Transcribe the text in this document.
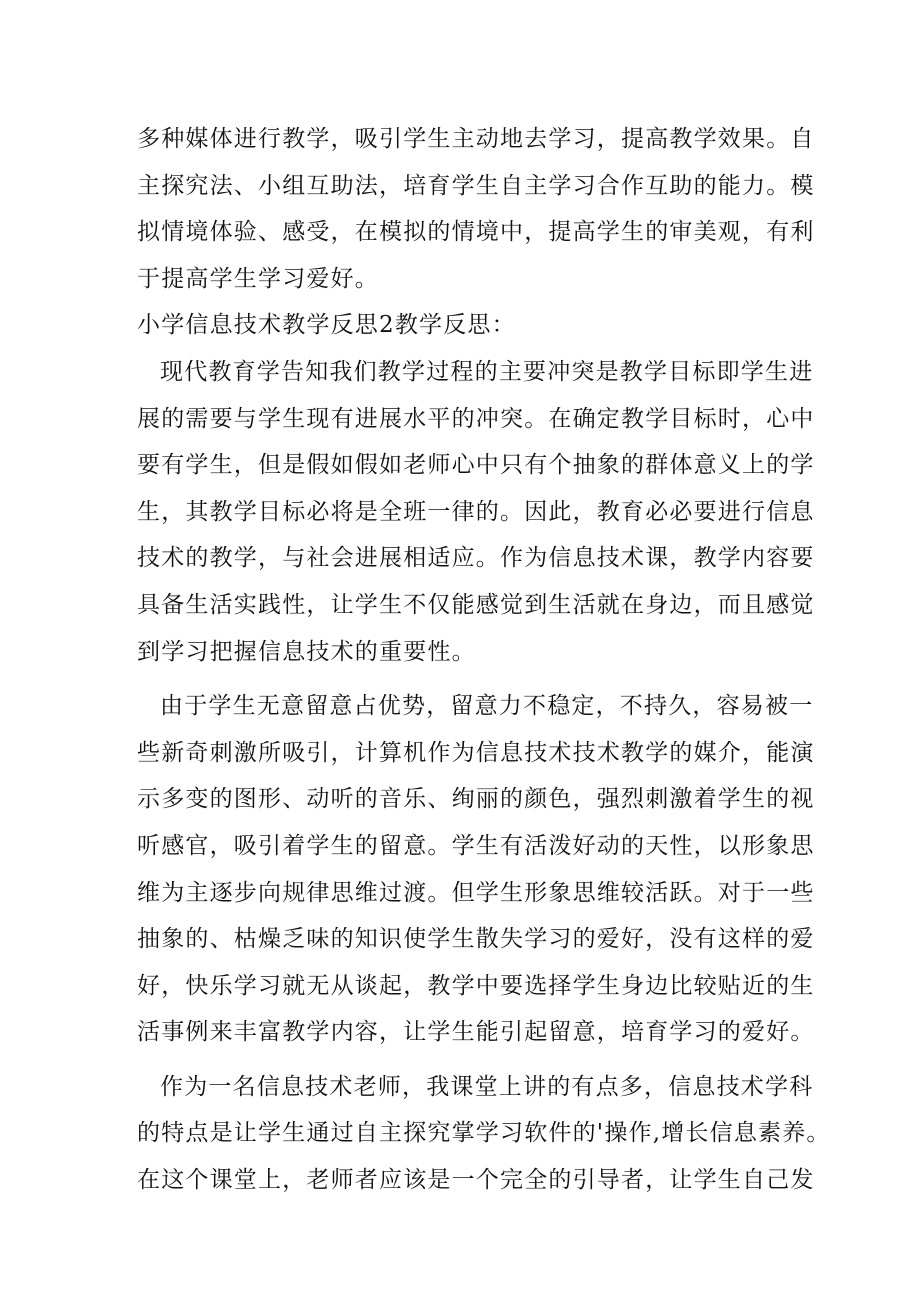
多种媒体进行教学，吸引学生主动地去学习，提高教学效果。自
主探究法、小组互助法，培育学生自主学习合作互助的能力。模
拟情境体验、感受，在模拟的情境中，提高学生的审美观，有利
于提高学生学习爱好。
小学信息技术教学反思2教学反思：
现代教育学告知我们教学过程的主要冲突是教学目标即学生进
展的需要与学生现有进展水平的冲突。在确定教学目标时，心中
要有学生，但是假如假如老师心中只有个抽象的群体意义上的学
生，其教学目标必将是全班一律的。因此，教育必必要进行信息
技术的教学，与社会进展相适应。作为信息技术课，教学内容要
具备生活实践性，让学生不仅能感觉到生活就在身边，而且感觉
到学习把握信息技术的重要性。
由于学生无意留意占优势，留意力不稳定，不持久，容易被一
些新奇刺激所吸引，计算机作为信息技术技术教学的媒介，能演
示多变的图形、动听的音乐、绚丽的颜色，强烈刺激着学生的视
听感官，吸引着学生的留意。学生有活泼好动的天性，以形象思
维为主逐步向规律思维过渡。但学生形象思维较活跃。对于一些
抽象的、枯燥乏味的知识使学生散失学习的爱好，没有这样的爱
好，快乐学习就无从谈起，教学中要选择学生身边比较贴近的生
活事例来丰富教学内容，让学生能引起留意，培育学习的爱好。
作为一名信息技术老师，我课堂上讲的有点多，信息技术学科
的特点是让学生通过自主探究掌学习软件的'操作,增长信息素养。
在这个课堂上，老师者应该是一个完全的引导者，让学生自己发
